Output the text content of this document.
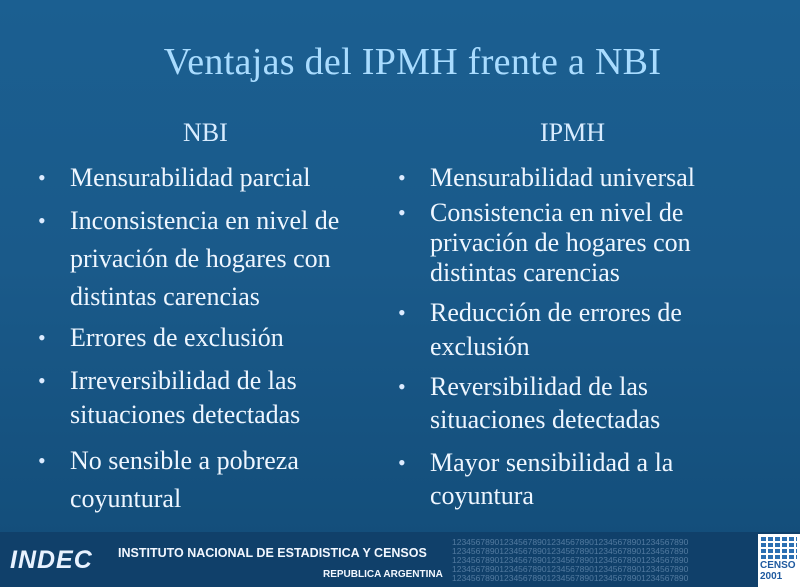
Ventajas del IPMH frente a NBI
NBI	IPMH
• Mensurabilidad parcial
• Inconsistencia en nivel de privación de hogares con distintas carencias
• Errores de exclusión
• Irreversibilidad de las situaciones detectadas
• No sensible a pobreza coyuntural
• Mensurabilidad universal
• Consistencia en nivel de privación de hogares con distintas carencias
• Reducción de errores de exclusión
• Reversibilidad de las situaciones detectadas
• Mayor sensibilidad a la coyuntura
INDEC	INSTITUTO NACIONAL DE ESTADISTICA Y CENSOS
REPUBLICA ARGENTINA
12345678901234567890123456789012345678901234567890
12345678901234567890123456789012345678901234567890
12345678901234567890123456789012345678901234567890
12345678901234567890123456789012345678901234567890
12345678901234567890123456789012345678901234567890
CENSO
2001
